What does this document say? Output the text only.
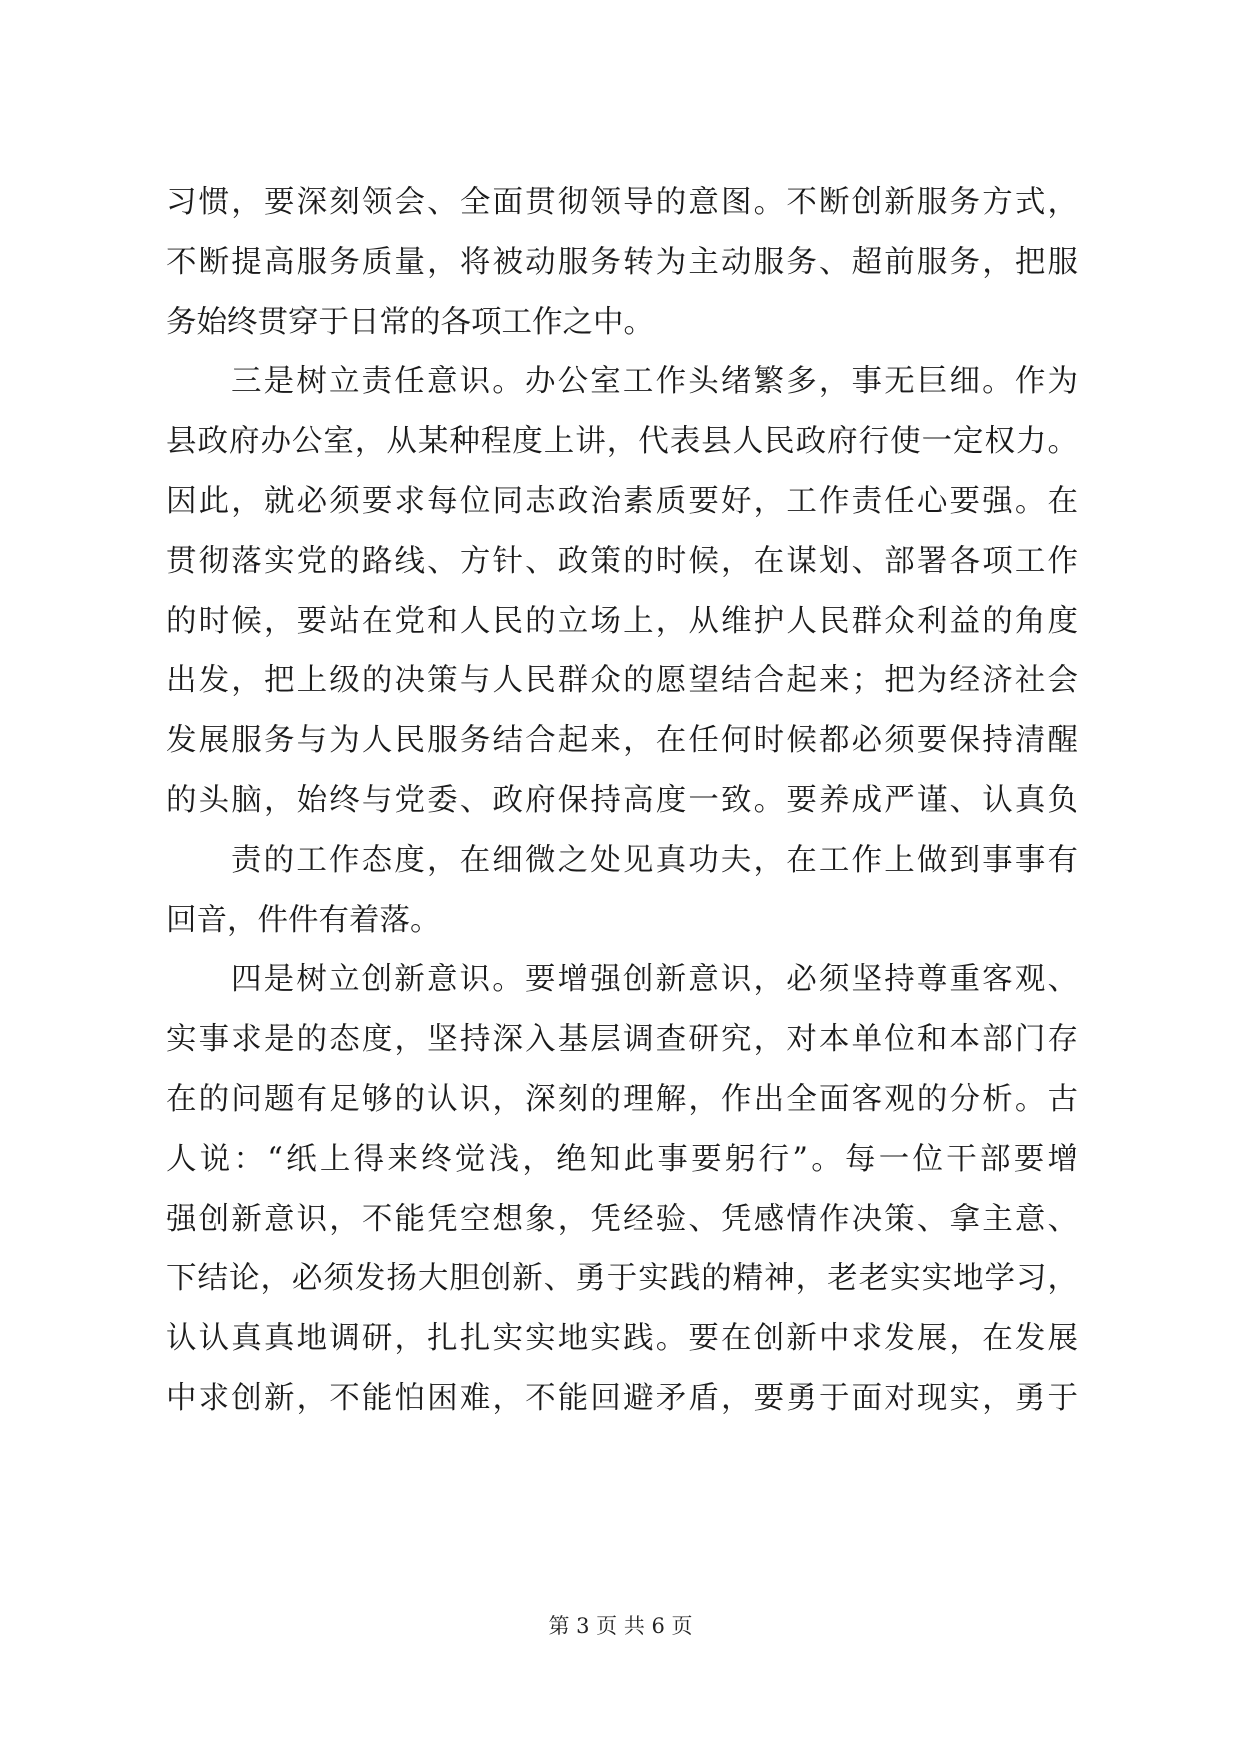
习惯，要深刻领会、全面贯彻领导的意图。不断创新服务方式，
不断提高服务质量，将被动服务转为主动服务、超前服务，把服
务始终贯穿于日常的各项工作之中。
三是树立责任意识。办公室工作头绪繁多，事无巨细。作为
县政府办公室，从某种程度上讲，代表县人民政府行使一定权力。
因此，就必须要求每位同志政治素质要好，工作责任心要强。在
贯彻落实党的路线、方针、政策的时候，在谋划、部署各项工作
的时候，要站在党和人民的立场上，从维护人民群众利益的角度
出发，把上级的决策与人民群众的愿望结合起来；把为经济社会
发展服务与为人民服务结合起来，在任何时候都必须要保持清醒
的头脑，始终与党委、政府保持高度一致。要养成严谨、认真负
责的工作态度，在细微之处见真功夫，在工作上做到事事有
回音，件件有着落。
四是树立创新意识。要增强创新意识，必须坚持尊重客观、
实事求是的态度，坚持深入基层调查研究，对本单位和本部门存
在的问题有足够的认识，深刻的理解，作出全面客观的分析。古
人说：“纸上得来终觉浅，绝知此事要躬行”。每一位干部要增
强创新意识，不能凭空想象，凭经验、凭感情作决策、拿主意、
下结论，必须发扬大胆创新、勇于实践的精神，老老实实地学习，
认认真真地调研，扎扎实实地实践。要在创新中求发展，在发展
中求创新，不能怕困难，不能回避矛盾，要勇于面对现实，勇于
第 3 页 共 6 页
